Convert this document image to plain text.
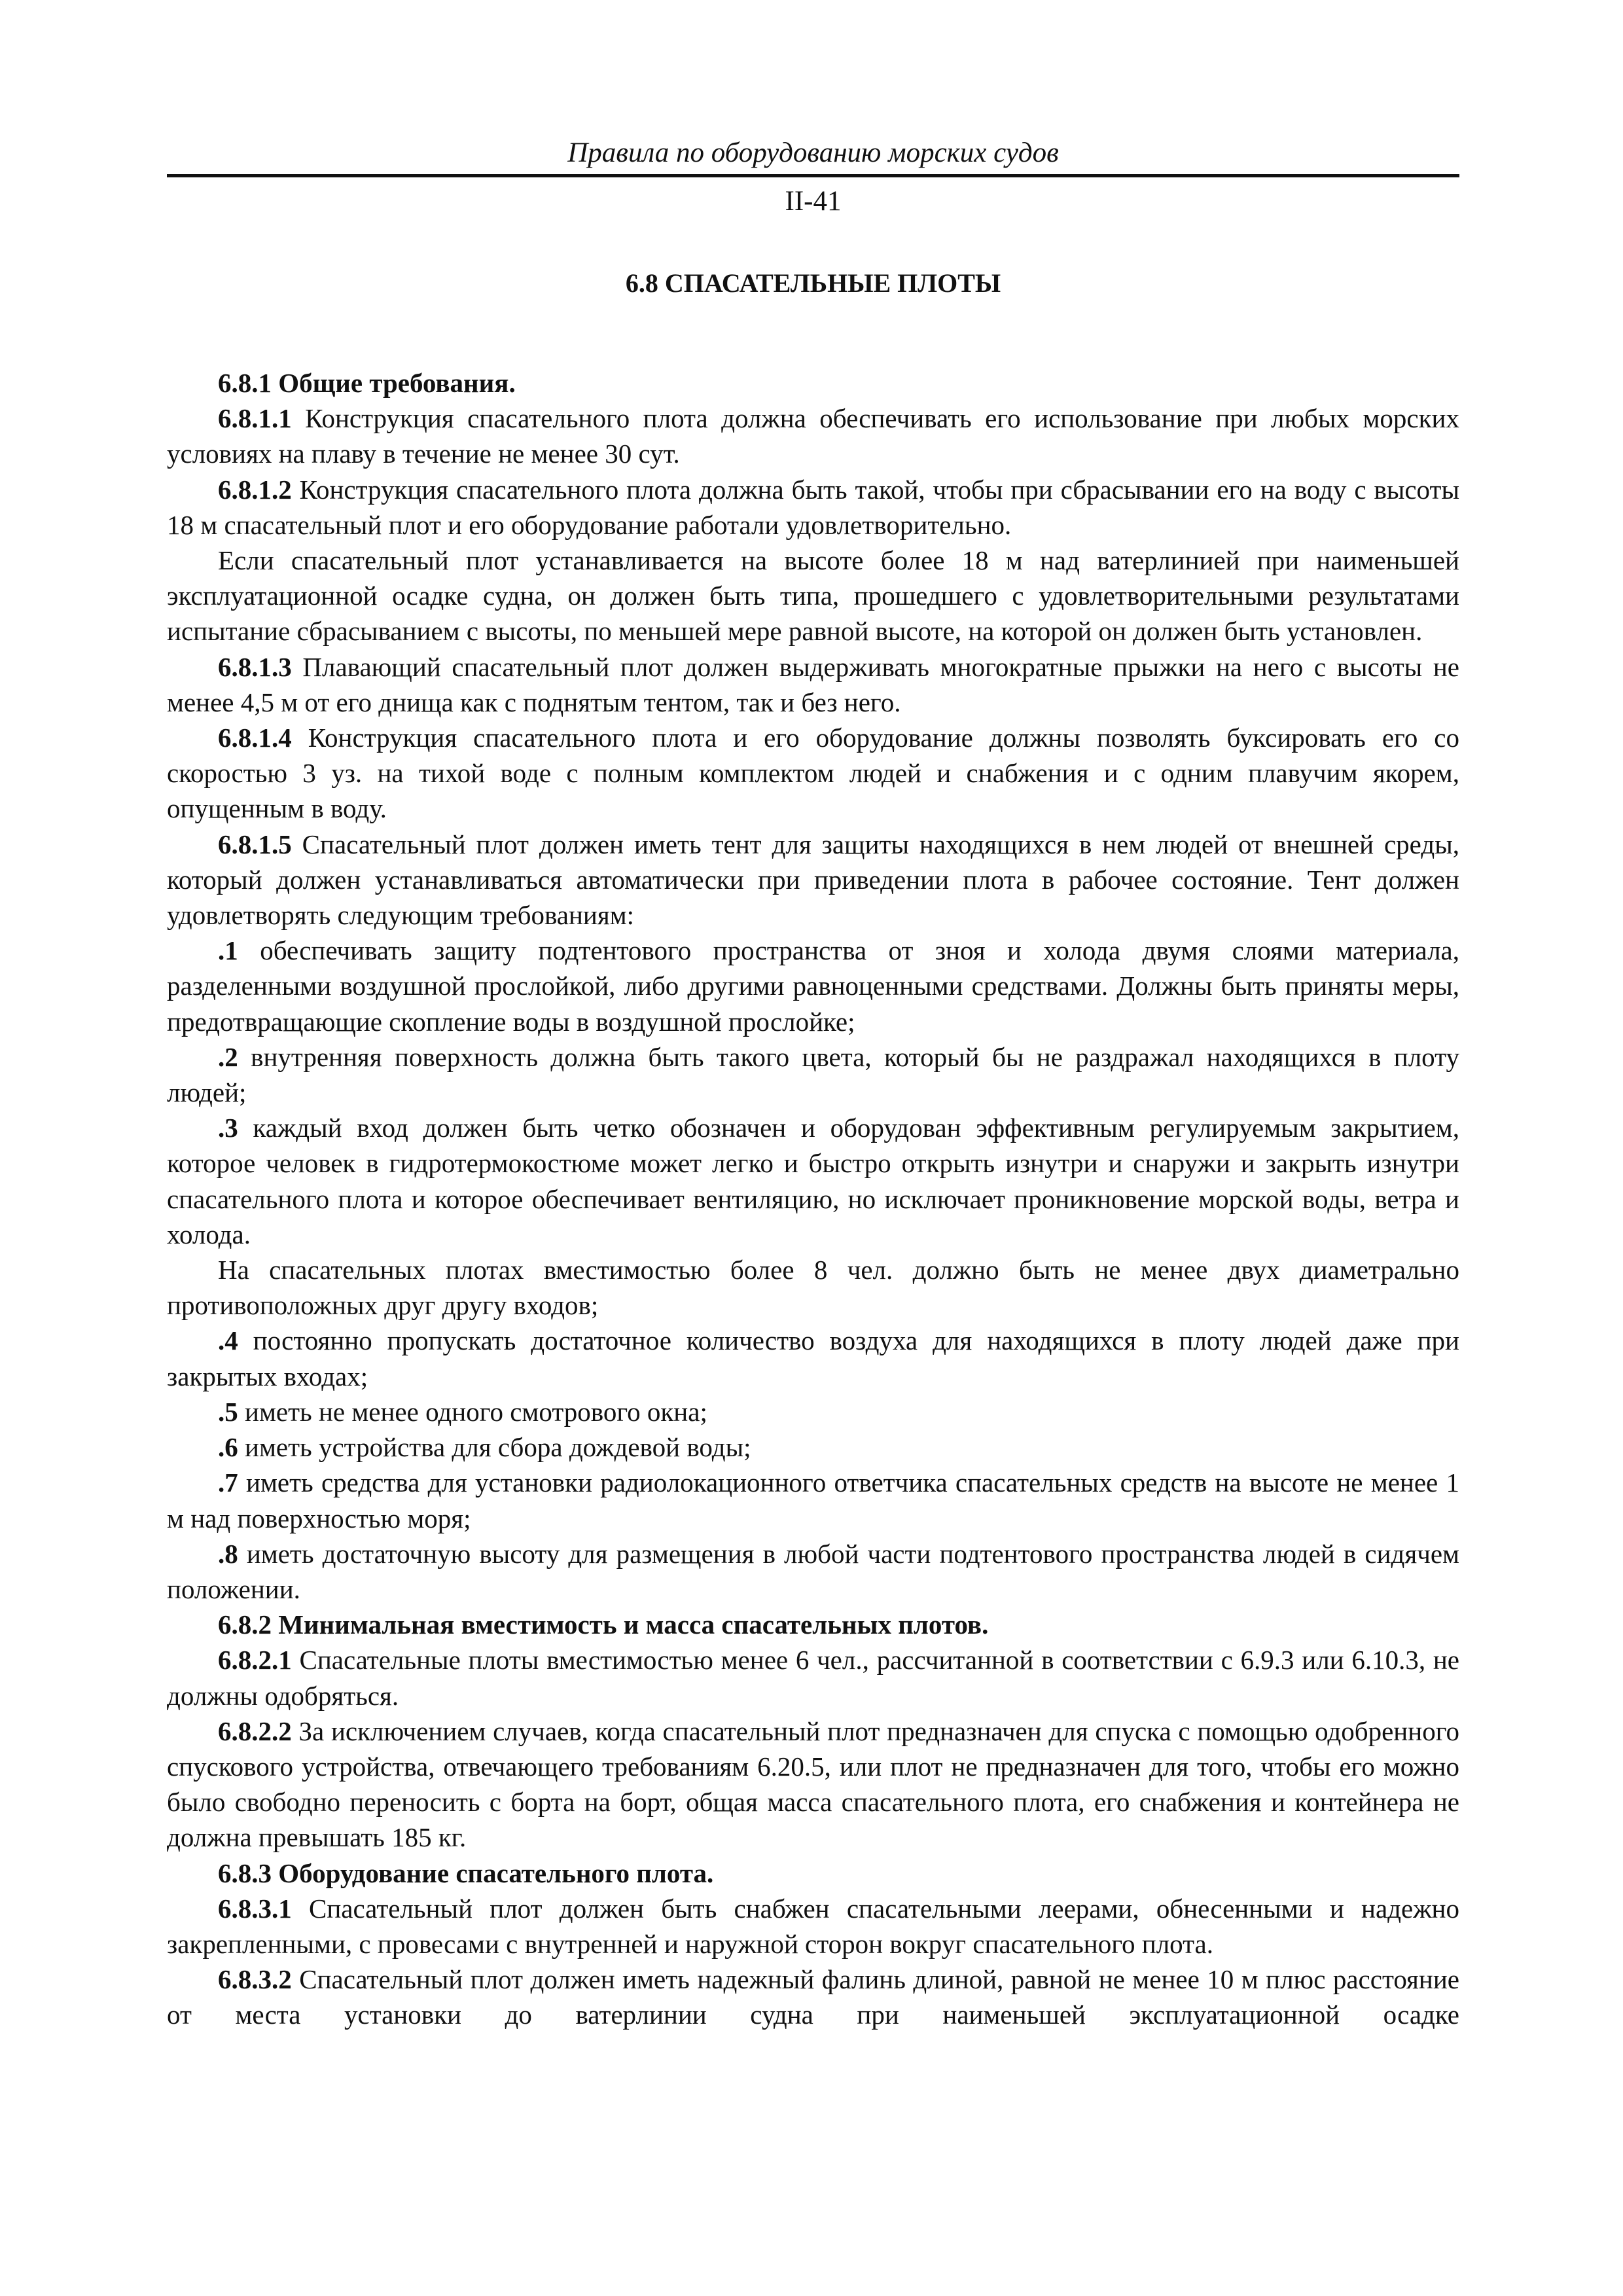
Правила по оборудованию морских судов
II-41
6.8 СПАСАТЕЛЬНЫЕ ПЛОТЫ

6.8.1 Общие требования.

6.8.1.1 Конструкция спасательного плота должна обеспечивать его использование при любых морских условиях на плаву в течение не менее 30 сут.

6.8.1.2 Конструкция спасательного плота должна быть такой, чтобы при сбрасывании его на воду с высоты 18 м спасательный плот и его оборудование работали удовлетворительно.

Если спасательный плот устанавливается на высоте более 18 м над ватерлинией при наименьшей эксплуатационной осадке судна, он должен быть типа, прошедшего с удовлетворительными результатами испытание сбрасыванием с высоты, по меньшей мере равной высоте, на которой он должен быть установлен.

6.8.1.3 Плавающий спасательный плот должен выдерживать многократные прыжки на него с высоты не менее 4,5 м от его днища как с поднятым тентом, так и без него.

6.8.1.4 Конструкция спасательного плота и его оборудование должны позволять буксировать его со скоростью 3 уз. на тихой воде с полным комплектом людей и снабжения и с одним плавучим якорем, опущенным в воду.

6.8.1.5 Спасательный плот должен иметь тент для защиты находящихся в нем людей от внешней среды, который должен устанавливаться автоматически при приведении плота в рабочее состояние. Тент должен удовлетворять следующим требованиям:

.1 обеспечивать защиту подтентового пространства от зноя и холода двумя слоями материала, разделенными воздушной прослойкой, либо другими равноценными средствами. Должны быть приняты меры, предотвращающие скопление воды в воздушной прослойке;

.2 внутренняя поверхность должна быть такого цвета, который бы не раздражал находящихся в плоту людей;

.3 каждый вход должен быть четко обозначен и оборудован эффективным регулируемым закрытием, которое человек в гидротермокостюме может легко и быстро открыть изнутри и снаружи и закрыть изнутри спасательного плота и которое обеспечивает вентиляцию, но исключает проникновение морской воды, ветра и холода.

На спасательных плотах вместимостью более 8 чел. должно быть не менее двух диаметрально противоположных друг другу входов;

.4 постоянно пропускать достаточное количество воздуха для находящихся в плоту людей даже при закрытых входах;

.5 иметь не менее одного смотрового окна;

.6 иметь устройства для сбора дождевой воды;

.7 иметь средства для установки радиолокационного ответчика спасательных средств на высоте не менее 1 м над поверхностью моря;

.8 иметь достаточную высоту для размещения в любой части подтентового пространства людей в сидячем положении.

6.8.2 Минимальная вместимость и масса спасательных плотов.

6.8.2.1 Спасательные плоты вместимостью менее 6 чел., рассчитанной в соответствии с 6.9.3 или 6.10.3, не должны одобряться.

6.8.2.2 За исключением случаев, когда спасательный плот предназначен для спуска с помощью одобренного спускового устройства, отвечающего требованиям 6.20.5, или плот не предназначен для того, чтобы его можно было свободно переносить с борта на борт, общая масса спасательного плота, его снабжения и контейнера не должна превышать 185 кг.

6.8.3 Оборудование спасательного плота.

6.8.3.1 Спасательный плот должен быть снабжен спасательными леерами, обнесенными и надежно закрепленными, с провесами с внутренней и наружной сторон вокруг спасательного плота.

6.8.3.2 Спасательный плот должен иметь надежный фалинь длиной, равной не менее 10 м плюс расстояние от места установки до ватерлинии судна при наименьшей эксплуатационной осадке
